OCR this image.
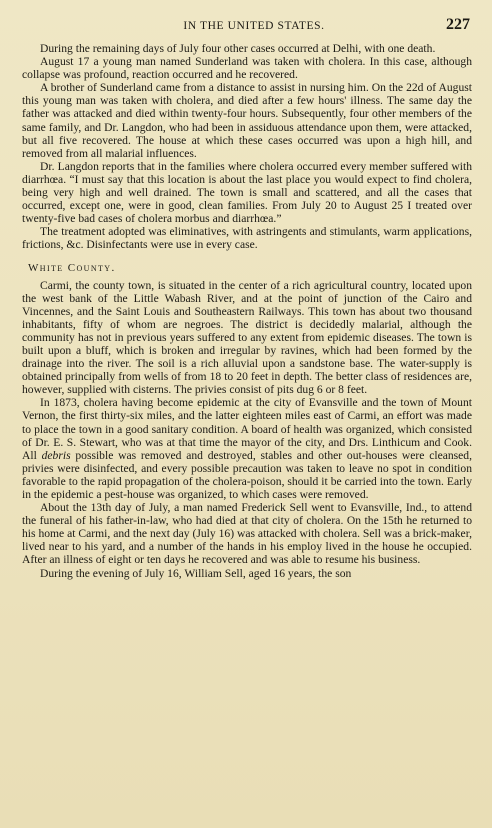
IN THE UNITED STATES.	227

During the remaining days of July four other cases occurred at Delhi, with one death.

August 17 a young man named Sunderland was taken with cholera. In this case, although collapse was profound, reaction occurred and he recovered.

A brother of Sunderland came from a distance to assist in nursing him. On the 22d of August this young man was taken with cholera, and died after a few hours' illness. The same day the father was attacked and died within twenty-four hours. Subsequently, four other members of the same family, and Dr. Langdon, who had been in assiduous attendance upon them, were attacked, but all five recovered. The house at which these cases occurred was upon a high hill, and removed from all malarial influences.

Dr. Langdon reports that in the families where cholera occurred every member suffered with diarrhœa. “I must say that this location is about the last place you would expect to find cholera, being very high and well drained. The town is small and scattered, and all the cases that occurred, except one, were in good, clean families. From July 20 to August 25 I treated over twenty-five bad cases of cholera morbus and diarrhœa.”

The treatment adopted was eliminatives, with astringents and stimulants, warm applications, frictions, &c. Disinfectants were use in every case.

White County.

Carmi, the county town, is situated in the center of a rich agricultural country, located upon the west bank of the Little Wabash River, and at the point of junction of the Cairo and Vincennes, and the Saint Louis and Southeastern Railways. This town has about two thousand inhabitants, fifty of whom are negroes. The district is decidedly malarial, although the community has not in previous years suffered to any extent from epidemic diseases. The town is built upon a bluff, which is broken and irregular by ravines, which had been formed by the drainage into the river. The soil is a rich alluvial upon a sandstone base. The water-supply is obtained principally from wells of from 18 to 20 feet in depth. The better class of residences are, however, supplied with cisterns. The privies consist of pits dug 6 or 8 feet.

In 1873, cholera having become epidemic at the city of Evansville and the town of Mount Vernon, the first thirty-six miles, and the latter eighteen miles east of Carmi, an effort was made to place the town in a good sanitary condition. A board of health was organized, which consisted of Dr. E. S. Stewart, who was at that time the mayor of the city, and Drs. Linthicum and Cook. All debris possible was removed and destroyed, stables and other out-houses were cleansed, privies were disinfected, and every possible precaution was taken to leave no spot in condition favorable to the rapid propagation of the cholera-poison, should it be carried into the town. Early in the epidemic a pest-house was organized, to which cases were removed.

About the 13th day of July, a man named Frederick Sell went to Evansville, Ind., to attend the funeral of his father-in-law, who had died at that city of cholera. On the 15th he returned to his home at Carmi, and the next day (July 16) was attacked with cholera. Sell was a brick-maker, lived near to his yard, and a number of the hands in his employ lived in the house he occupied. After an illness of eight or ten days he recovered and was able to resume his business.

During the evening of July 16, William Sell, aged 16 years, the son
